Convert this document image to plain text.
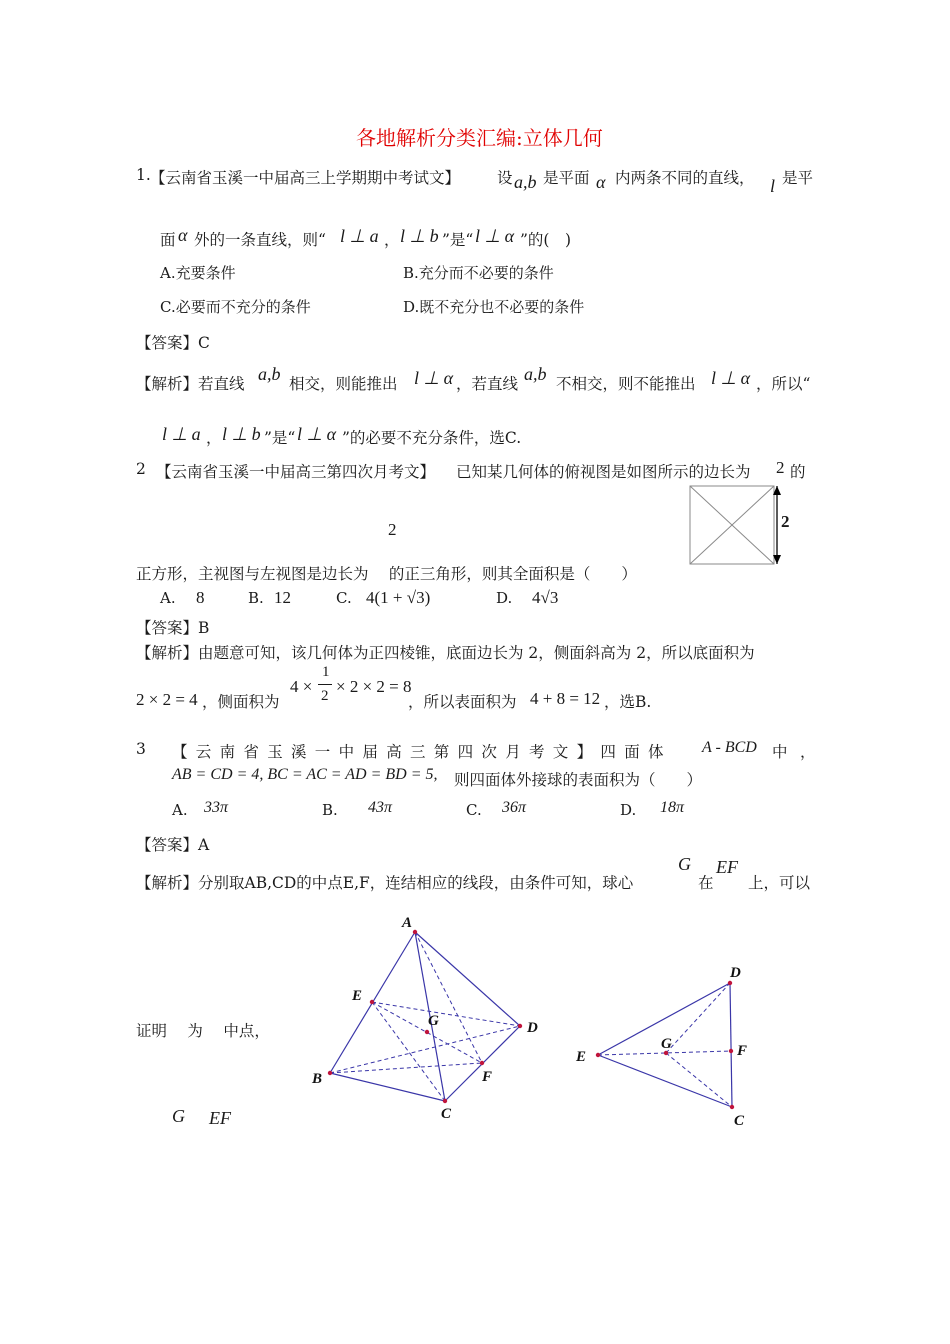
各地解析分类汇编:立体几何
1. 【云南省玉溪一中届高三上学期期中考试文】 设 a,b 是平面 α 内两条不同的直线， l 是平
面 α 外的一条直线，则“ l ⊥ a ， l ⊥ b ”是“ l ⊥ α ”的(　)
A.充要条件	B.充分而不必要的条件
C.必要而不充分的条件	D.既不充分也不必要的条件
【答案】C
【解析】若直线 a,b 相交，则能推出 l ⊥ α ，若直线 a,b 不相交，则不能推出 l ⊥ α ，所以“
l ⊥ a ， l ⊥ b ”是“ l ⊥ α ”的必要不充分条件，选C.
2 【云南省玉溪一中届高三第四次月考文】 已知某几何体的俯视图是如图所示的边长为 2 的
2	2
正方形，主视图与左视图是边长为　 的正三角形，则其全面积是（　　）
A. 8	B. 12	C. 4(1 + √3)	D. 4√3
【答案】B
【解析】由题意可知，该几何体为正四棱锥，底面边长为 2，侧面斜高为 2，所以底面积为
2 × 2 = 4 ，侧面积为
4 ×
1
2 × 2 × 2 = 8
，所以表面积为 4 + 8 = 12 ，选B.
3 【云南省玉溪一中届高三第四次月考文】四面体 A - BCD 中 ，
AB = CD = 4, BC = AC = AD = BD = 5, 则四面体外接球的表面积为（　　）
A. 33π	B. 43π	C. 36π	D. 18π
【答案】A
【解析】分别取AB,CD的中点E,F，连结相应的线段，由条件可知，球心
G
在
EF
上，可以
证明　 为　 中点，
G EF
A
B
C
D
E
F
G
D
E
G	F
C
